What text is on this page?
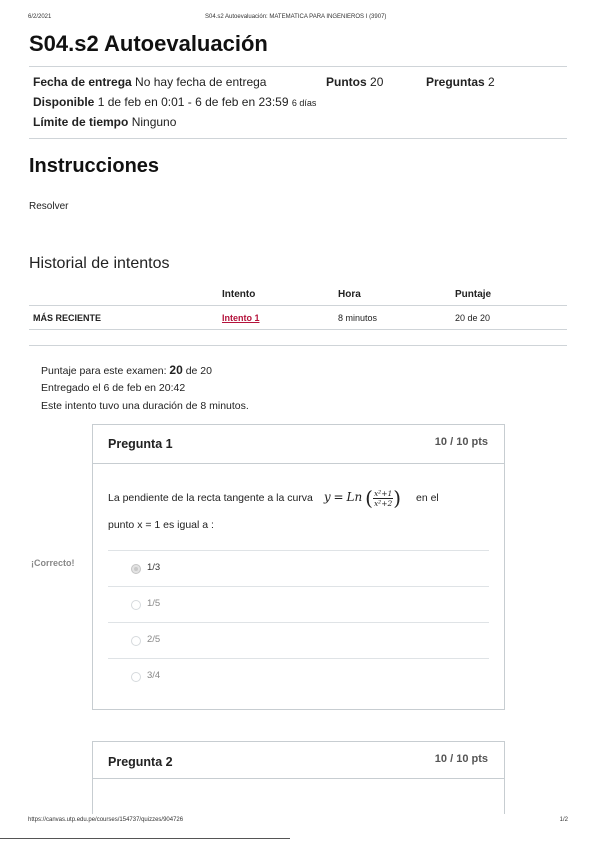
6/2/2021	S04.s2 Autoevaluación: MATEMATICA PARA INGENIEROS I (3907)
S04.s2 Autoevaluación
Fecha de entrega No hay fecha de entrega	Puntos 20	Preguntas 2
Disponible 1 de feb en 0:01 - 6 de feb en 23:59 6 días
Límite de tiempo Ninguno
Instrucciones
Resolver
Historial de intentos
Intento	Hora	Puntaje
MÁS RECIENTE	Intento 1	8 minutos	20 de 20
Puntaje para este examen: 20 de 20
Entregado el 6 de feb en 20:42
Este intento tuvo una duración de 8 minutos.
¡Correcto!
Pregunta 1	10 / 10 pts
La pendiente de la recta tangente a la curva y = Ln ( $\frac{\text{x²+1}}{\text{x²+2}}$ ) en el
punto x = 1 es igual a :
1/3
1/5
2/5
3/4
Pregunta 2	10 / 10 pts
https://canvas.utp.edu.pe/courses/154737/quizzes/904726	1/2
